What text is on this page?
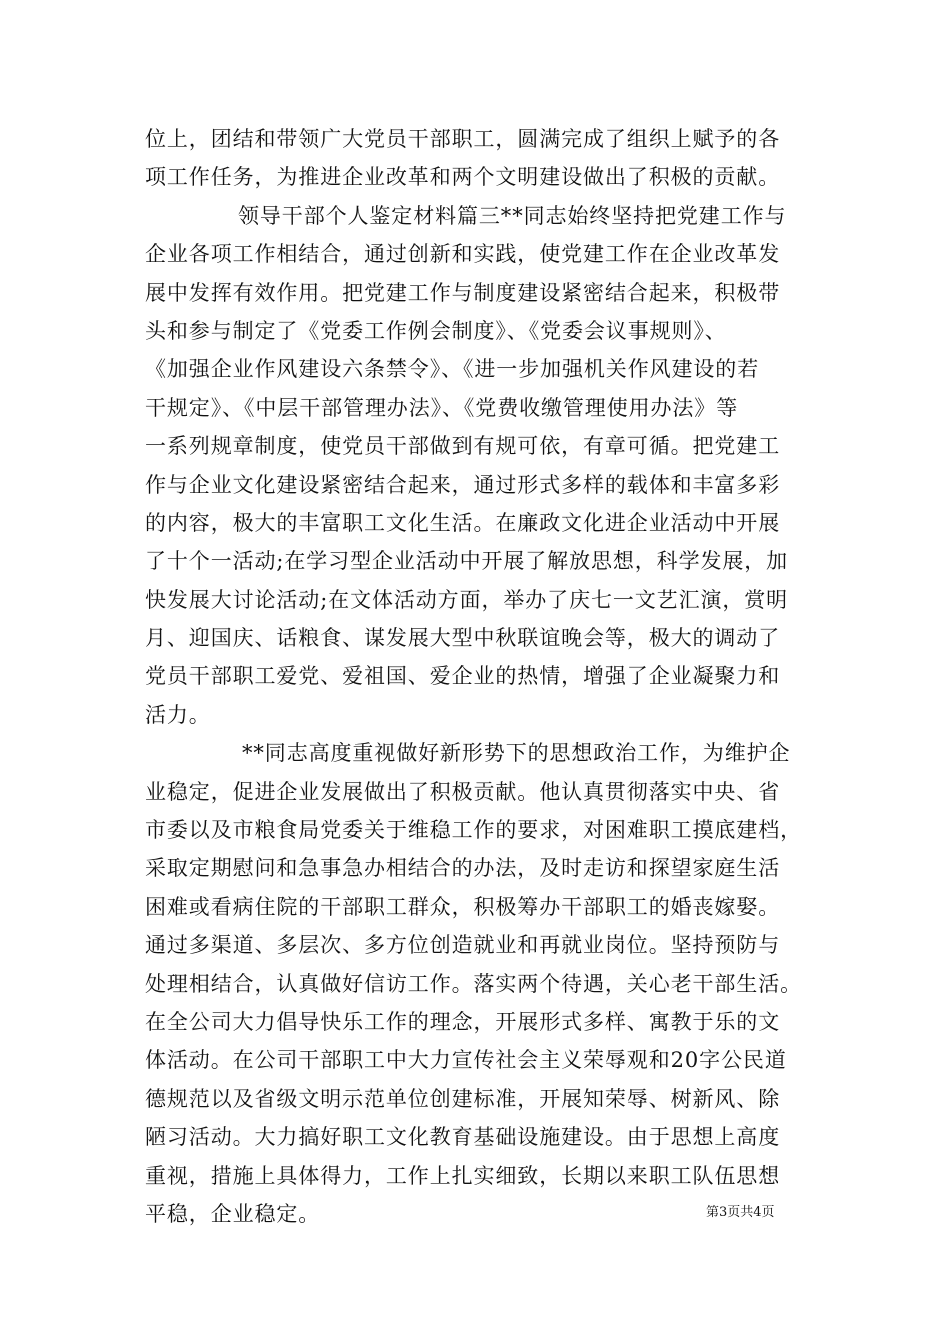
位上，团结和带领广大党员干部职工，圆满完成了组织上赋予的各
项工作任务，为推进企业改革和两个文明建设做出了积极的贡献。
领导干部个人鉴定材料篇三**同志始终坚持把党建工作与
企业各项工作相结合，通过创新和实践，使党建工作在企业改革发
展中发挥有效作用。把党建工作与制度建设紧密结合起来，积极带
头和参与制定了《党委工作例会制度》、《党委会议事规则》、
《加强企业作风建设六条禁令》、《进一步加强机关作风建设的若
干规定》、《中层干部管理办法》、《党费收缴管理使用办法》等
一系列规章制度，使党员干部做到有规可依，有章可循。把党建工
作与企业文化建设紧密结合起来，通过形式多样的载体和丰富多彩
的内容，极大的丰富职工文化生活。在廉政文化进企业活动中开展
了十个一活动;在学习型企业活动中开展了解放思想，科学发展，加
快发展大讨论活动;在文体活动方面，举办了庆七一文艺汇演，赏明
月、迎国庆、话粮食、谋发展大型中秋联谊晚会等，极大的调动了
党员干部职工爱党、爱祖国、爱企业的热情，增强了企业凝聚力和
活力。
**同志高度重视做好新形势下的思想政治工作，为维护企
业稳定，促进企业发展做出了积极贡献。他认真贯彻落实中央、省
市委以及市粮食局党委关于维稳工作的要求，对困难职工摸底建档，
采取定期慰问和急事急办相结合的办法，及时走访和探望家庭生活
困难或看病住院的干部职工群众，积极筹办干部职工的婚丧嫁娶。
通过多渠道、多层次、多方位创造就业和再就业岗位。坚持预防与
处理相结合，认真做好信访工作。落实两个待遇，关心老干部生活。
在全公司大力倡导快乐工作的理念，开展形式多样、寓教于乐的文
体活动。在公司干部职工中大力宣传社会主义荣辱观和20字公民道
德规范以及省级文明示范单位创建标准，开展知荣辱、树新风、除
陋习活动。大力搞好职工文化教育基础设施建设。由于思想上高度
重视，措施上具体得力，工作上扎实细致，长期以来职工队伍思想
平稳，企业稳定。	第3页共4页
